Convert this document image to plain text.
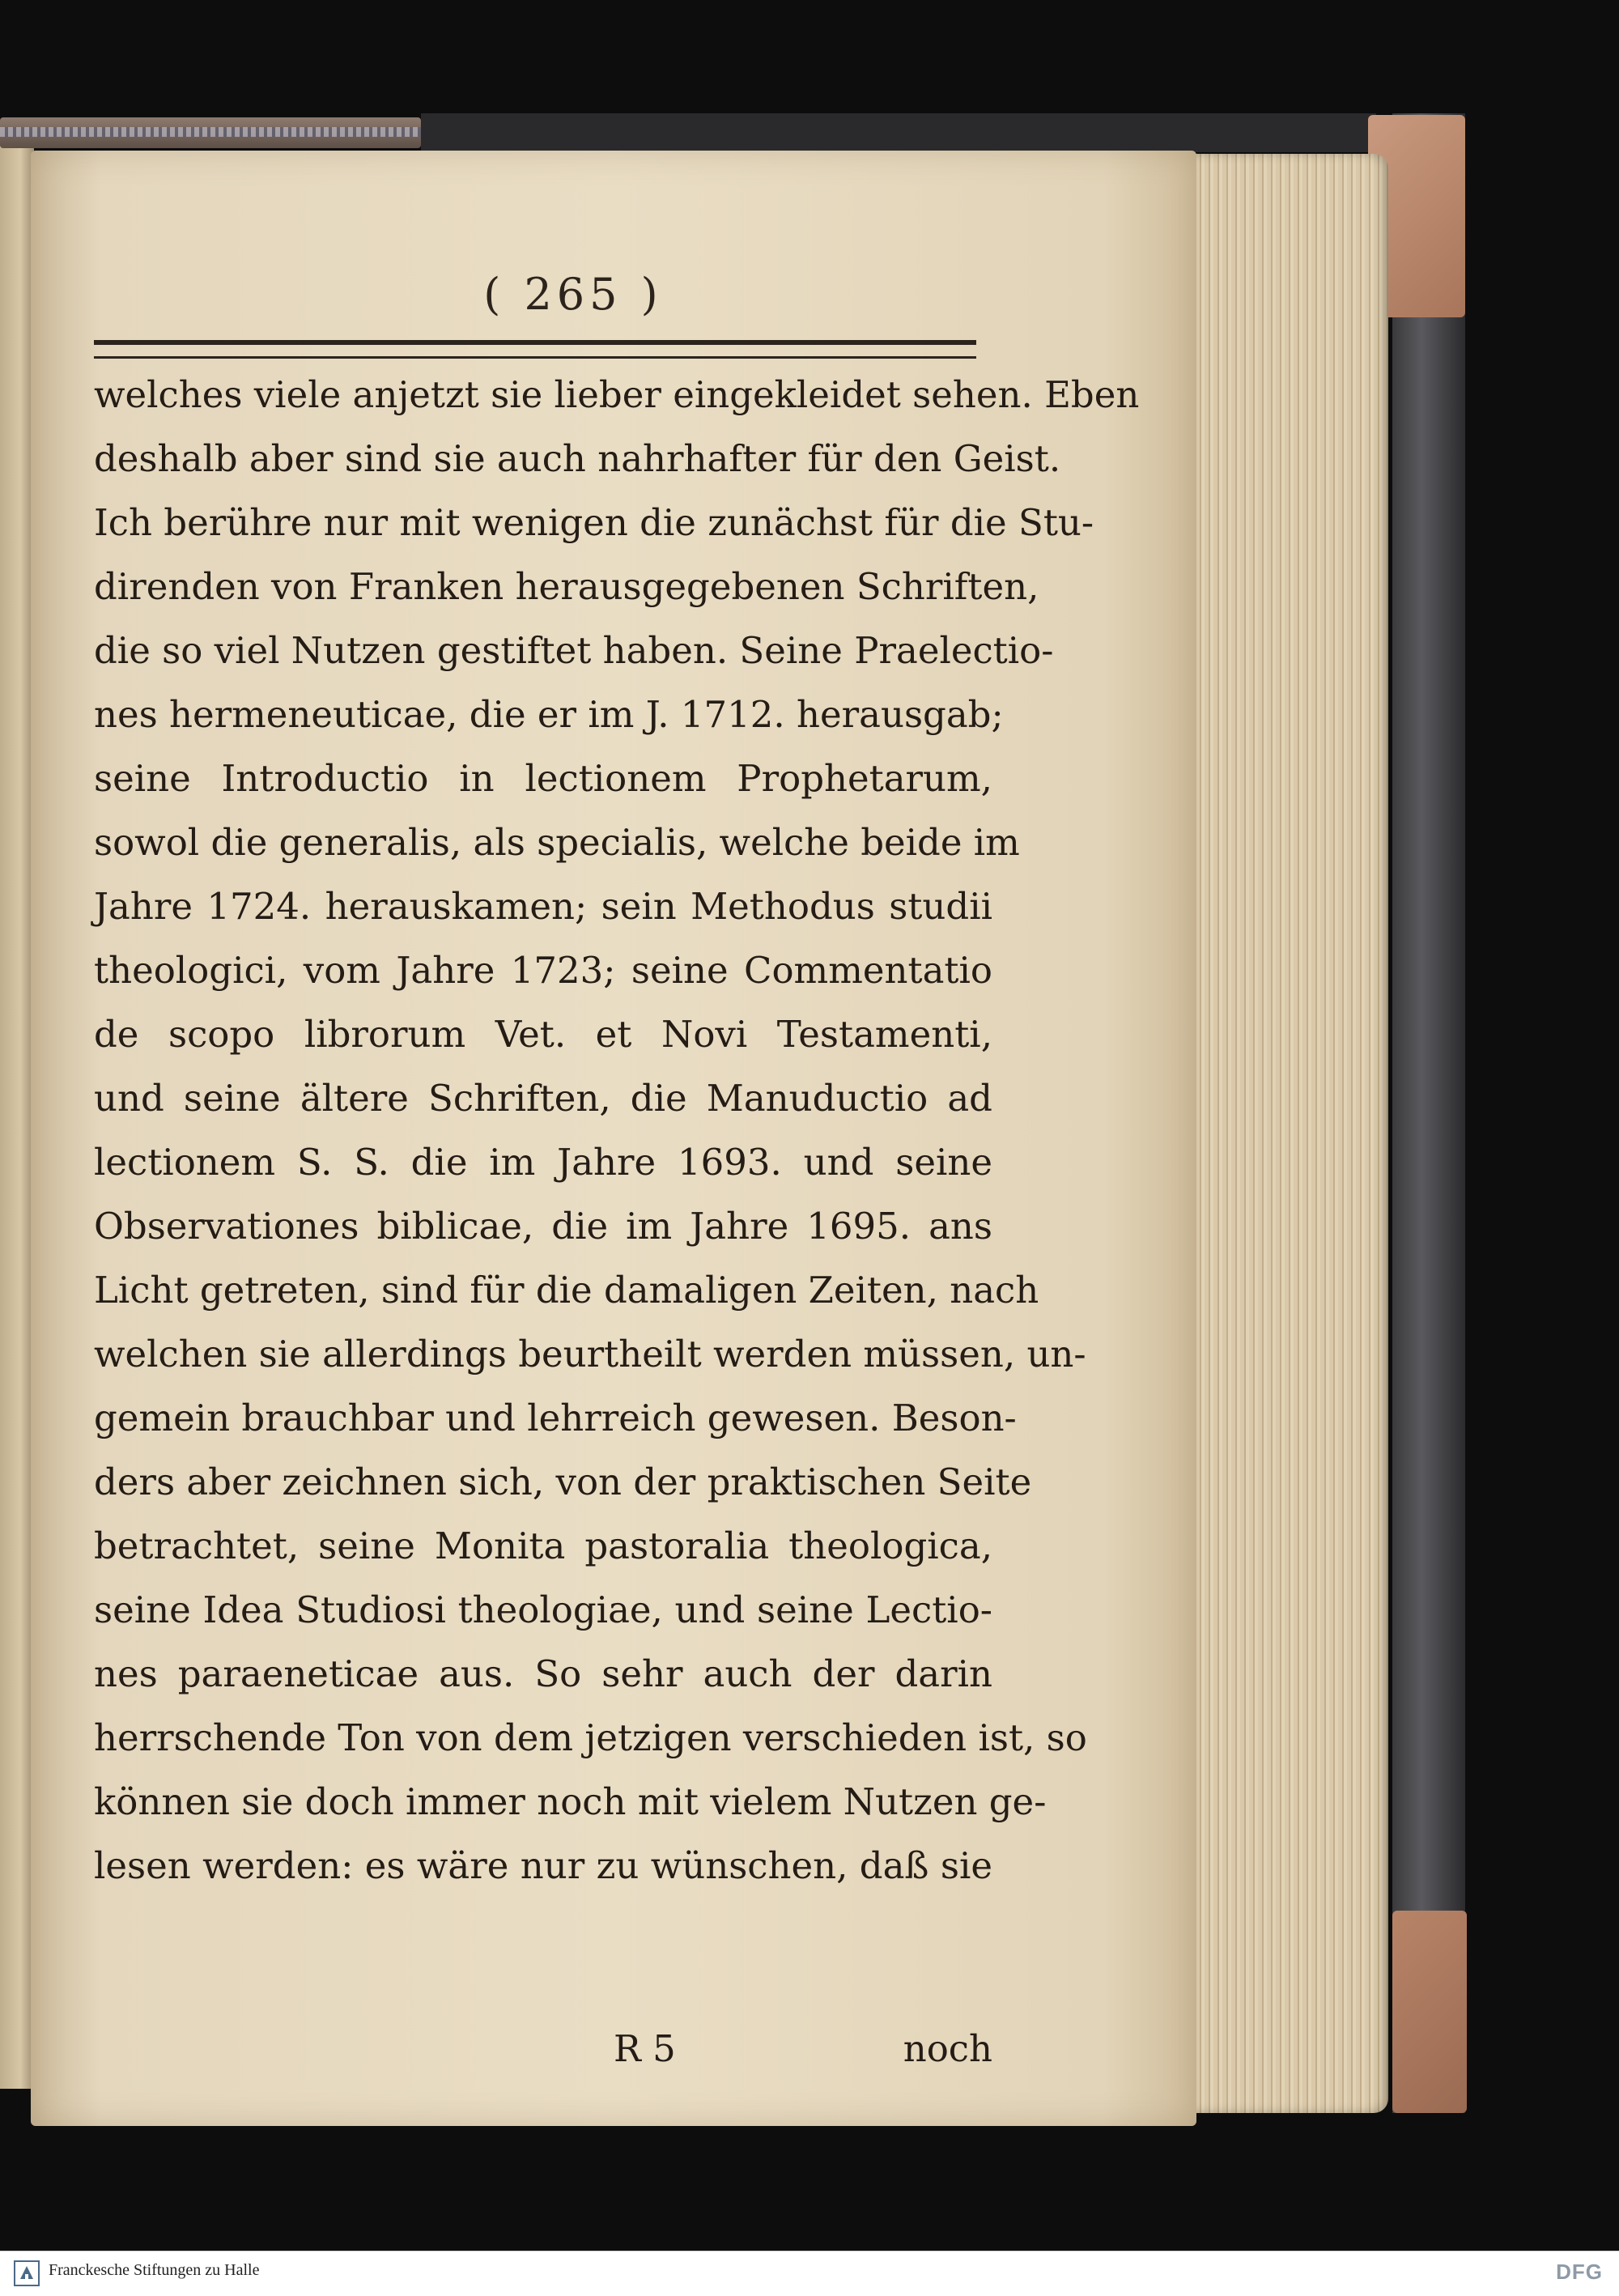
( 265 )
welches viele anjetzt sie lieber eingekleidet sehen. Eben
deshalb aber sind sie auch nahrhafter für den Geist.
Ich berühre nur mit wenigen die zunächst für die Stu-
direnden von Franken herausgegebenen Schriften,
die so viel Nutzen gestiftet haben. Seine Praelectio-
nes hermeneuticae, die er im J. 1712. herausgab;
seine Introductio in lectionem Prophetarum,
sowol die generalis, als specialis, welche beide im
Jahre 1724. herauskamen; sein Methodus studii
theologici, vom Jahre 1723; seine Commentatio
de scopo librorum Vet. et Novi Testamenti,
und seine ältere Schriften, die Manuductio ad
lectionem S. S. die im Jahre 1693. und seine
Observationes biblicae, die im Jahre 1695. ans
Licht getreten, sind für die damaligen Zeiten, nach
welchen sie allerdings beurtheilt werden müssen, un-
gemein brauchbar und lehrreich gewesen. Beson-
ders aber zeichnen sich, von der praktischen Seite
betrachtet, seine Monita pastoralia theologica,
seine Idea Studiosi theologiae, und seine Lectio-
nes paraeneticae aus. So sehr auch der darin
herrschende Ton von dem jetzigen verschieden ist, so
können sie doch immer noch mit vielem Nutzen ge-
lesen werden: es wäre nur zu wünschen, daß sie
R 5	noch
Franckesche Stiftungen zu Halle	DFG
